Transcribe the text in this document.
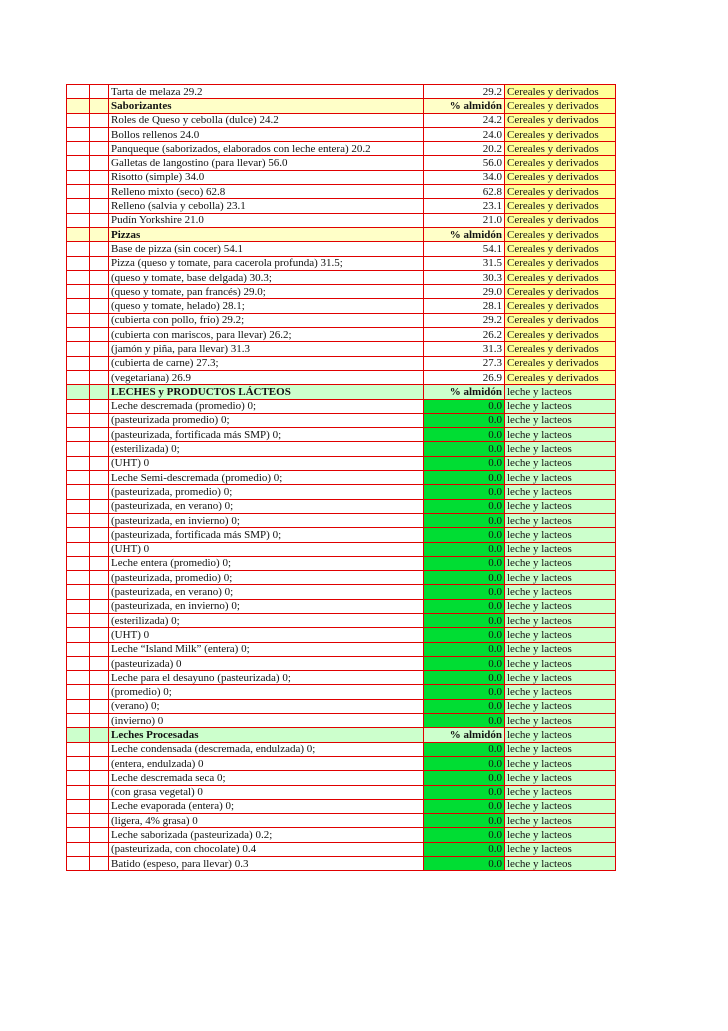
		Tarta de melaza 29.2	29.2	Cereales y derivados
		Saborizantes	% almidón	Cereales y derivados
		Roles de Queso y cebolla (dulce) 24.2	24.2	Cereales y derivados
		Bollos rellenos 24.0	24.0	Cereales y derivados
		Panqueque (saborizados, elaborados con leche entera) 20.2	20.2	Cereales y derivados
		Galletas de langostino (para llevar) 56.0	56.0	Cereales y derivados
		Risotto (simple) 34.0	34.0	Cereales y derivados
		Relleno mixto (seco) 62.8	62.8	Cereales y derivados
		Relleno (salvia y cebolla) 23.1	23.1	Cereales y derivados
		Pudín Yorkshire 21.0	21.0	Cereales y derivados
		Pizzas	% almidón	Cereales y derivados
		Base de pizza (sin cocer) 54.1	54.1	Cereales y derivados
		Pizza (queso y tomate, para cacerola profunda) 31.5;	31.5	Cereales y derivados
		(queso y tomate, base delgada) 30.3;	30.3	Cereales y derivados
		(queso y tomate, pan francés) 29.0;	29.0	Cereales y derivados
		(queso y tomate, helado) 28.1;	28.1	Cereales y derivados
		(cubierta con pollo, frío) 29.2;	29.2	Cereales y derivados
		(cubierta con mariscos, para llevar) 26.2;	26.2	Cereales y derivados
		(jamón y piña, para llevar) 31.3	31.3	Cereales y derivados
		(cubierta de carne) 27.3;	27.3	Cereales y derivados
		(vegetariana) 26.9	26.9	Cereales y derivados
		LECHES y PRODUCTOS LÁCTEOS	% almidón	leche y lacteos
		Leche descremada (promedio) 0;	0.0	leche y lacteos
		(pasteurizada promedio) 0;	0.0	leche y lacteos
		(pasteurizada, fortificada más SMP) 0;	0.0	leche y lacteos
		(esterilizada) 0;	0.0	leche y lacteos
		(UHT) 0	0.0	leche y lacteos
		Leche Semi-descremada (promedio) 0;	0.0	leche y lacteos
		(pasteurizada, promedio) 0;	0.0	leche y lacteos
		(pasteurizada, en verano) 0;	0.0	leche y lacteos
		(pasteurizada, en invierno) 0;	0.0	leche y lacteos
		(pasteurizada, fortificada más SMP) 0;	0.0	leche y lacteos
		(UHT) 0	0.0	leche y lacteos
		Leche entera (promedio) 0;	0.0	leche y lacteos
		(pasteurizada, promedio) 0;	0.0	leche y lacteos
		(pasteurizada, en verano) 0;	0.0	leche y lacteos
		(pasteurizada, en invierno) 0;	0.0	leche y lacteos
		(esterilizada) 0;	0.0	leche y lacteos
		(UHT) 0	0.0	leche y lacteos
		Leche “Island Milk” (entera) 0;	0.0	leche y lacteos
		(pasteurizada) 0	0.0	leche y lacteos
		Leche para el desayuno (pasteurizada) 0;	0.0	leche y lacteos
		(promedio) 0;	0.0	leche y lacteos
		(verano) 0;	0.0	leche y lacteos
		(invierno) 0	0.0	leche y lacteos
		Leches Procesadas	% almidón	leche y lacteos
		Leche condensada (descremada, endulzada) 0;	0.0	leche y lacteos
		(entera, endulzada) 0	0.0	leche y lacteos
		Leche descremada seca 0;	0.0	leche y lacteos
		(con grasa vegetal) 0	0.0	leche y lacteos
		Leche evaporada (entera) 0;	0.0	leche y lacteos
		(ligera, 4% grasa) 0	0.0	leche y lacteos
		Leche saborizada (pasteurizada) 0.2;	0.0	leche y lacteos
		(pasteurizada, con chocolate) 0.4	0.0	leche y lacteos
		Batido (espeso, para llevar) 0.3	0.0	leche y lacteos
